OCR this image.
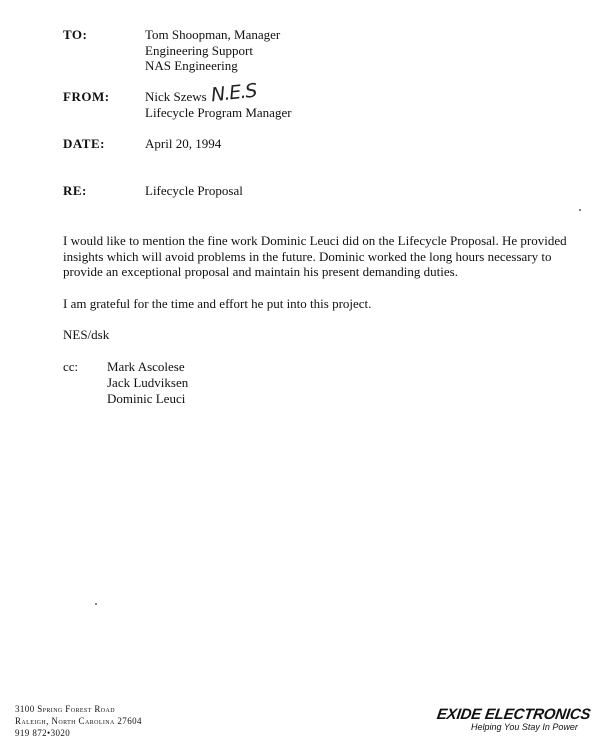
TO:	Tom Shoopman, Manager
Engineering Support
NAS Engineering
FROM:	Nick Szews
Lifecycle Program Manager
N.E.S
DATE:	April 20, 1994
RE:	Lifecycle Proposal
I would like to mention the fine work Dominic Leuci did on the Lifecycle Proposal. He provided insights which will avoid problems in the future. Dominic worked the long hours necessary to provide an exceptional proposal and maintain his present demanding duties.
I am grateful for the time and effort he put into this project.
NES/dsk
cc: Mark Ascolese
Jack Ludviksen
Dominic Leuci
3100 Spring Forest Road
Raleigh, North Carolina 27604
919 872•3020
EXIDE ELECTRONICS
Helping You Stay In Power
